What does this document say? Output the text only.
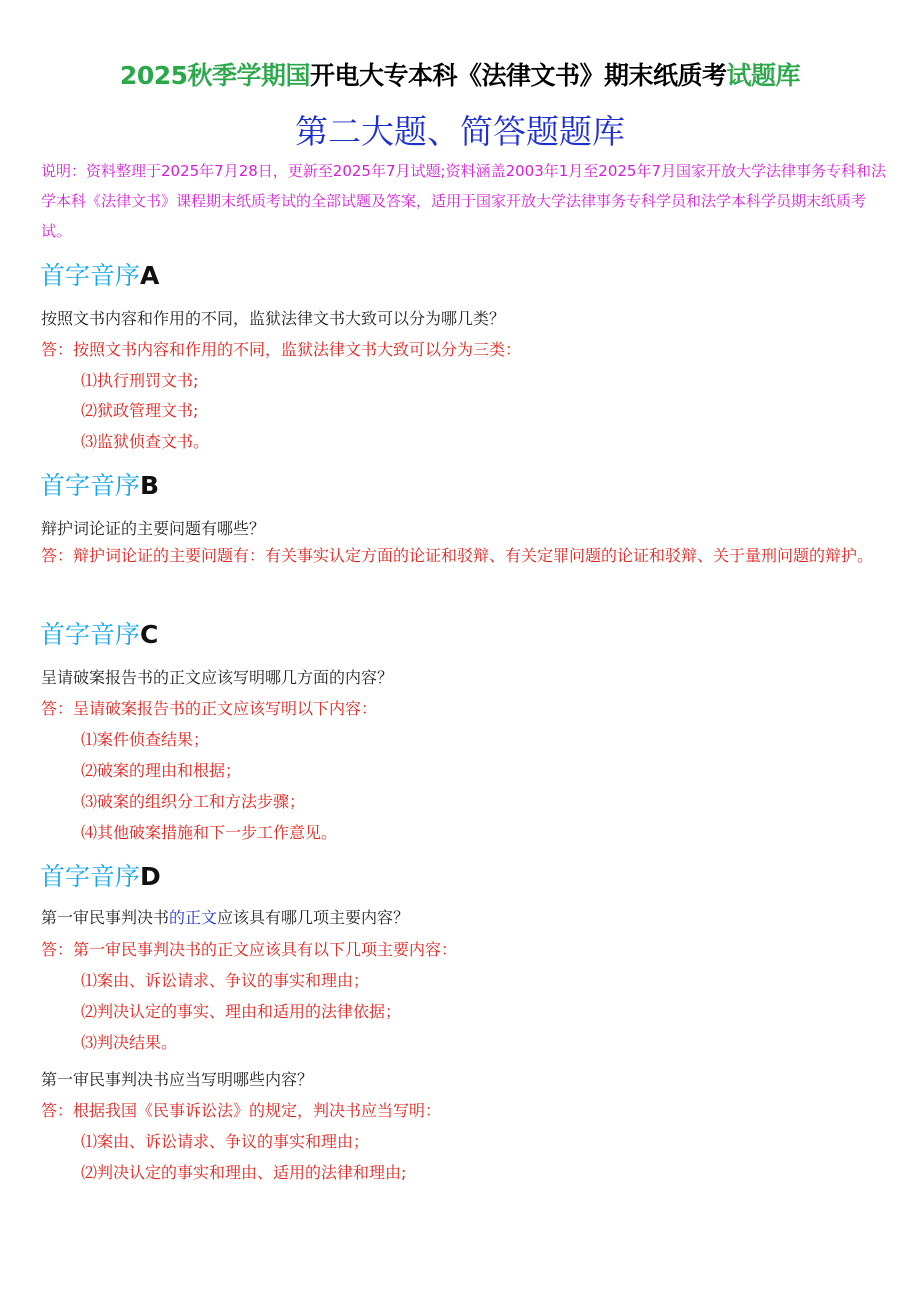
2025秋季学期国开电大专本科《法律文书》期末纸质考试题库
第二大题、简答题题库
说明：资料整理于2025年7月28日，更新至2025年7月试题;资料涵盖2003年1月至2025年7月国家开放大学法律事务专科和法学本科《法律文书》课程期末纸质考试的全部试题及答案，适用于国家开放大学法律事务专科学员和法学本科学员期末纸质考试。
首字音序A
按照文书内容和作用的不同，监狱法律文书大致可以分为哪几类？
答：按照文书内容和作用的不同，监狱法律文书大致可以分为三类：
⑴执行刑罚文书;
⑵狱政管理文书;
⑶监狱侦查文书。
首字音序B
辩护词论证的主要问题有哪些？
答：辩护词论证的主要问题有：有关事实认定方面的论证和驳辩、有关定罪问题的论证和驳辩、关于量刑问题的辩护。
首字音序C
呈请破案报告书的正文应该写明哪几方面的内容？
答：呈请破案报告书的正文应该写明以下内容：
⑴案件侦查结果；
⑵破案的理由和根据；
⑶破案的组织分工和方法步骤；
⑷其他破案措施和下一步工作意见。
首字音序D
第一审民事判决书的正文应该具有哪几项主要内容？
答：第一审民事判决书的正文应该具有以下几项主要内容：
⑴案由、诉讼请求、争议的事实和理由；
⑵判决认定的事实、理由和适用的法律依据；
⑶判决结果。
第一审民事判决书应当写明哪些内容？
答：根据我国《民事诉讼法》的规定，判决书应当写明：
⑴案由、诉讼请求、争议的事实和理由；
⑵判决认定的事实和理由、适用的法律和理由;
